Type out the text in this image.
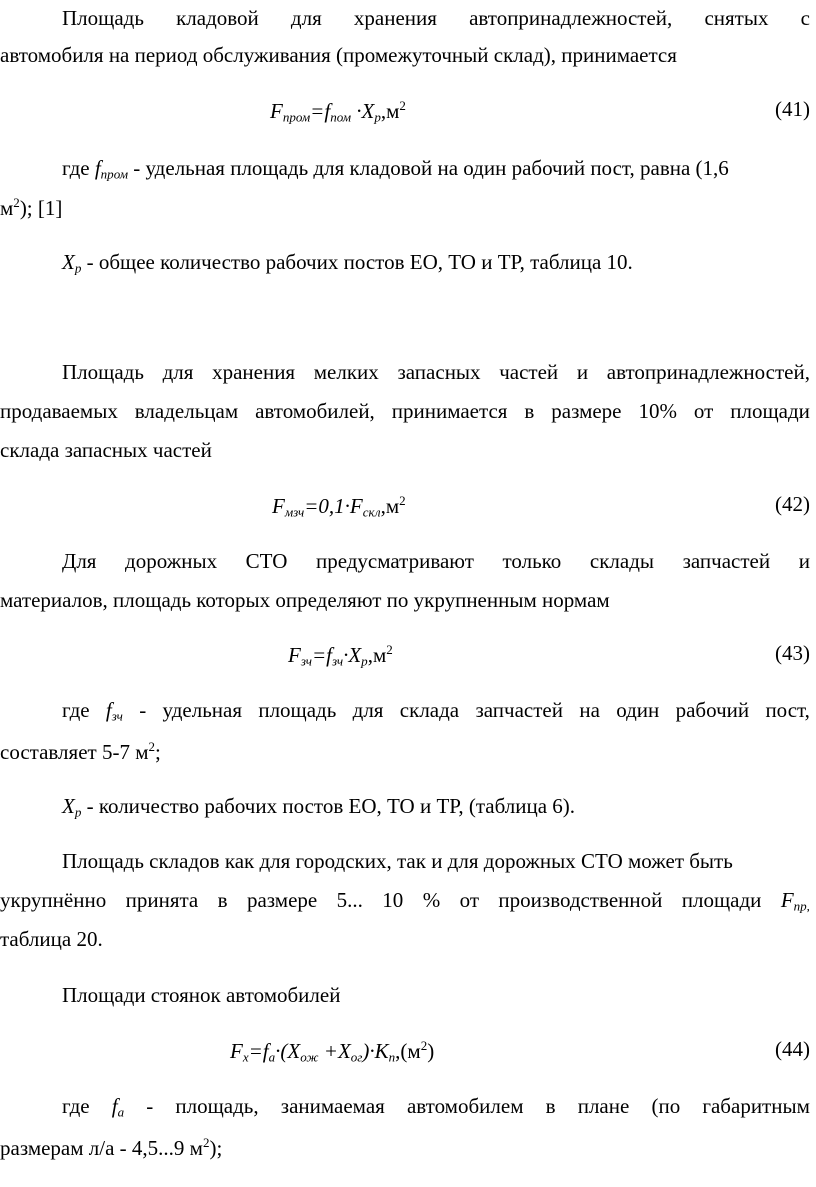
Площадь кладовой для хранения автопринадлежностей, снятых с
автомобиля на период обслуживания (промежуточный склад), принимается
$F_{пром}=f_{пом} \cdot X_р,м^2$	(41)
где $f_{пром}$ - удельная площадь для кладовой на один рабочий пост, равна (1,6
$м^2$); [1]
$X_р$ - общее количество рабочих постов ЕО, ТО и ТР, таблица 10.
Площадь для хранения мелких запасных частей и автопринадлежностей,
продаваемых владельцам автомобилей, принимается в размере 10% от площади
склада запасных частей
$F_{мзч}=0,1\cdot F_{скл},м^2$	(42)
Для дорожных СТО предусматривают только склады запчастей и
материалов, площадь которых определяют по укрупненным нормам
$F_{зч}=f_{зч}\cdot X_р,м^2$	(43)
где $f_{зч}$ - удельная площадь для склада запчастей на один рабочий пост,
составляет 5-7 $м^2$;
$X_р$ - количество рабочих постов ЕО, ТО и ТР, (таблица 6).
Площадь складов как для городских, так и для дорожных СТО может быть
укрупнённо принята в размере 5... 10 % от производственной площади $F_{пр,}$
таблица 20.
Площади стоянок автомобилей
$F_х=f_а\cdot(X_{ож} +X_{ог})\cdot K_п,(м^2)$	(44)
где $f_а$ - площадь, занимаемая автомобилем в плане (по габаритным
размерам л/а - 4,5...9 $м^2$);
